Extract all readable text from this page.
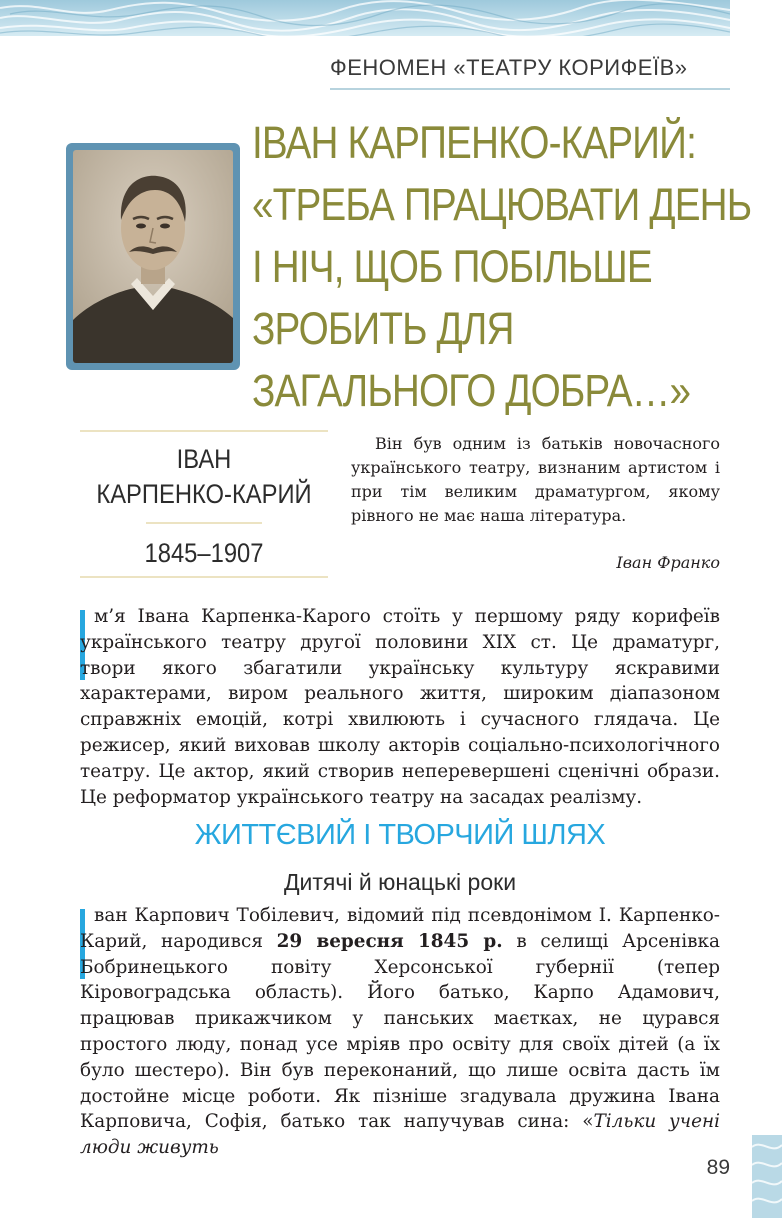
ФЕНОМЕН «ТЕАТРУ КОРИФЕЇВ»
ІВАН КАРПЕНКО-КАРИЙ:
«ТРЕБА ПРАЦЮВАТИ ДЕНЬ
І НІЧ, ЩОБ ПОБІЛЬШЕ
ЗРОБИТЬ ДЛЯ
ЗАГАЛЬНОГО ДОБРА…»
ІВАН
КАРПЕНКО-КАРИЙ
1845–1907

Він був одним із батьків новочасного українського театру, визнаним артистом і при тім великим драматургом, якому рівного не має наша література.

Іван Франко

м’я Івана Карпенка-Карого стоїть у першому ряду корифеїв українського театру другої половини XIX ст. Це драматург, твори якого збагатили українську культуру яскравими характерами, виром реального життя, широким діапазоном справжніх емоцій, котрі хвилюють і сучасного глядача. Це режисер, який виховав школу акторів соціально-психологічного театру. Це актор, який створив неперевершені сценічні образи. Це реформатор українського театру на засадах реалізму.

ЖИТТЄВИЙ І ТВОРЧИЙ ШЛЯХ
Дитячі й юнацькі роки

ван Карпович Тобілевич, відомий під псевдонімом І. Карпенко-Карий, народився 29 вересня 1845 р. в селищі Арсенівка Бобринецького повіту Херсонської губернії (тепер Кіровоградська область). Його батько, Карпо Адамович, працював прикажчиком у панських маєтках, не цурався простого люду, понад усе мріяв про освіту для своїх дітей (а їх було шестеро). Він був переконаний, що лише освіта дасть їм достойне місце роботи. Як пізніше згадувала дружина Івана Карповича, Софія, батько так напучував сина: «Тільки учені люди живуть

89
